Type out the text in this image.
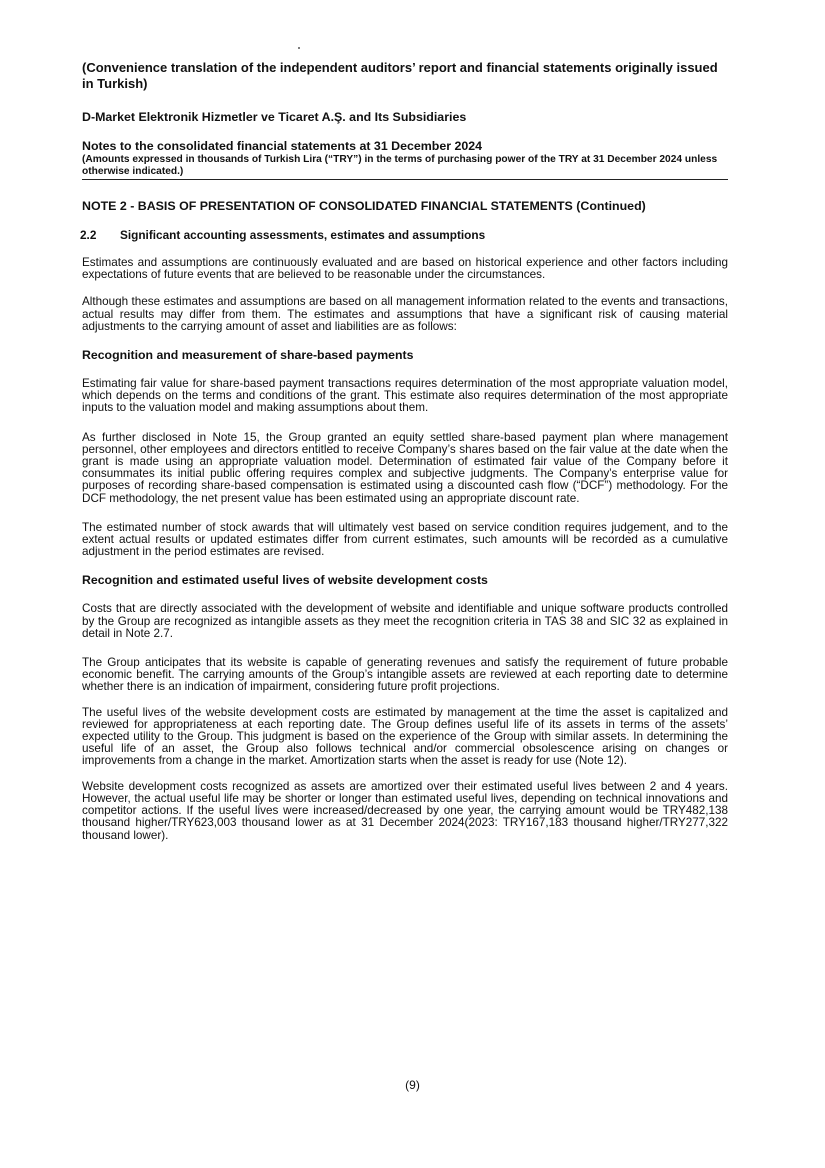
(Convenience translation of the independent auditors’ report and financial statements originally issued in Turkish)
D-Market Elektronik Hizmetler ve Ticaret A.Ş. and Its Subsidiaries
Notes to the consolidated financial statements at 31 December 2024
(Amounts expressed in thousands of Turkish Lira (“TRY”) in the terms of purchasing power of the TRY at 31 December 2024 unless otherwise indicated.)
NOTE 2 - BASIS OF PRESENTATION OF CONSOLIDATED FINANCIAL STATEMENTS (Continued)
2.2 Significant accounting assessments, estimates and assumptions

Estimates and assumptions are continuously evaluated and are based on historical experience and other factors including expectations of future events that are believed to be reasonable under the circumstances.

Although these estimates and assumptions are based on all management information related to the events and transactions, actual results may differ from them. The estimates and assumptions that have a significant risk of causing material adjustments to the carrying amount of asset and liabilities are as follows:

Recognition and measurement of share-based payments

Estimating fair value for share-based payment transactions requires determination of the most appropriate valuation model, which depends on the terms and conditions of the grant. This estimate also requires determination of the most appropriate inputs to the valuation model and making assumptions about them.

As further disclosed in Note 15, the Group granted an equity settled share-based payment plan where management personnel, other employees and directors entitled to receive Company’s shares based on the fair value at the date when the grant is made using an appropriate valuation model. Determination of estimated fair value of the Company before it consummates its initial public offering requires complex and subjective judgments. The Company’s enterprise value for purposes of recording share-based compensation is estimated using a discounted cash flow (“DCF”) methodology. For the DCF methodology, the net present value has been estimated using an appropriate discount rate.

The estimated number of stock awards that will ultimately vest based on service condition requires judgement, and to the extent actual results or updated estimates differ from current estimates, such amounts will be recorded as a cumulative adjustment in the period estimates are revised.

Recognition and estimated useful lives of website development costs

Costs that are directly associated with the development of website and identifiable and unique software products controlled by the Group are recognized as intangible assets as they meet the recognition criteria in TAS 38 and SIC 32 as explained in detail in Note 2.7.

The Group anticipates that its website is capable of generating revenues and satisfy the requirement of future probable economic benefit. The carrying amounts of the Group’s intangible assets are reviewed at each reporting date to determine whether there is an indication of impairment, considering future profit projections.

The useful lives of the website development costs are estimated by management at the time the asset is capitalized and reviewed for appropriateness at each reporting date. The Group defines useful life of its assets in terms of the assets’ expected utility to the Group. This judgment is based on the experience of the Group with similar assets. In determining the useful life of an asset, the Group also follows technical and/or commercial obsolescence arising on changes or improvements from a change in the market. Amortization starts when the asset is ready for use (Note 12).

Website development costs recognized as assets are amortized over their estimated useful lives between 2 and 4 years. However, the actual useful life may be shorter or longer than estimated useful lives, depending on technical innovations and competitor actions. If the useful lives were increased/decreased by one year, the carrying amount would be TRY482,138 thousand higher/TRY623,003 thousand lower as at 31 December 2024(2023: TRY167,183 thousand higher/TRY277,322 thousand lower).

(9)
